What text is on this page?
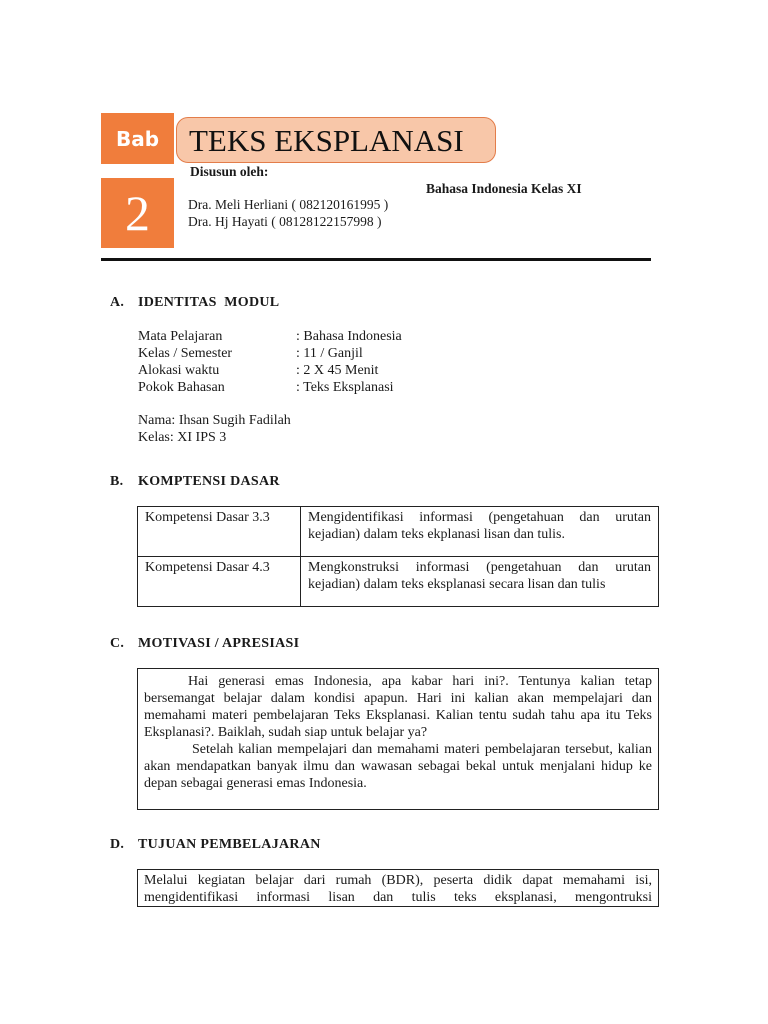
Bab
2
TEKS EKSPLANASI
Disusun oleh:
Bahasa Indonesia Kelas XI
Dra. Meli Herliani ( 082120161995 )
Dra. Hj Hayati ( 08128122157998 )
A. IDENTITAS  MODUL
Mata Pelajaran	: Bahasa Indonesia
Kelas / Semester	: 11 / Ganjil
Alokasi waktu	: 2 X 45 Menit
Pokok Bahasan	: Teks Eksplanasi
Nama: Ihsan Sugih Fadilah
Kelas: XI IPS 3
B. KOMPTENSI DASAR
Kompetensi Dasar 3.3	Mengidentifikasi informasi (pengetahuan dan urutan kejadian) dalam teks ekplanasi lisan dan tulis.
Kompetensi Dasar 4.3	Mengkonstruksi informasi (pengetahuan dan urutan kejadian) dalam teks eksplanasi secara lisan dan tulis
C. MOTIVASI / APRESIASI

Hai generasi emas Indonesia, apa kabar hari ini?. Tentunya kalian tetap bersemangat belajar dalam kondisi apapun. Hari ini kalian akan mempelajari dan memahami materi pembelajaran Teks Eksplanasi. Kalian tentu sudah tahu apa itu Teks Eksplanasi?. Baiklah, sudah siap untuk belajar ya?

Setelah kalian mempelajari dan memahami materi pembelajaran tersebut, kalian akan mendapatkan banyak ilmu dan wawasan sebagai bekal untuk menjalani hidup ke depan sebagai generasi emas Indonesia.

D. TUJUAN PEMBELAJARAN
Melalui kegiatan belajar dari rumah (BDR), peserta didik dapat memahami isi, mengidentifikasi informasi lisan dan tulis teks eksplanasi, mengontruksi
